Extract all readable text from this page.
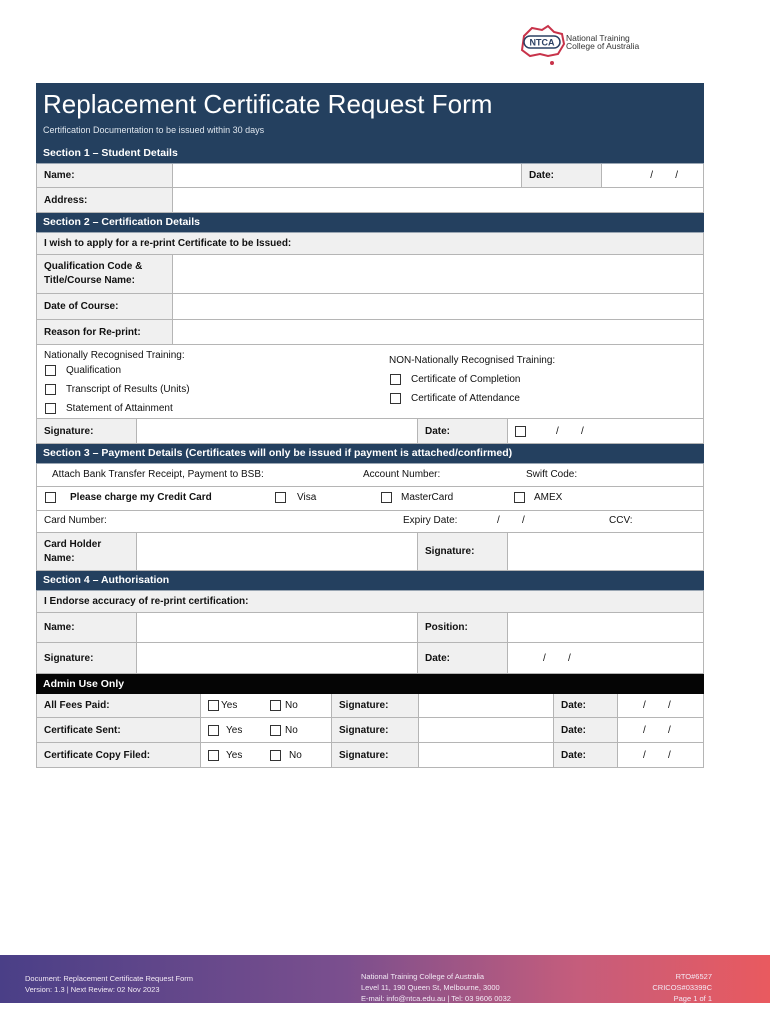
NTCA National Training
College of Australia
Replacement Certificate Request Form
Certification Documentation to be issued within 30 days
Section 1 – Student Details
Name:	Date:	/        /
Address:
Section 2 – Certification Details
I wish to apply for a re-print Certificate to be Issued:
Qualification Code &
Title/Course Name:
Date of Course:
Reason for Re-print:
Nationally Recognised Training:
Qualification
Transcript of Results (Units)
Statement of Attainment
NON-Nationally Recognised Training:
Certificate of Completion
Certificate of Attendance
Signature:	Date:	/        /
Section 3 – Payment Details (Certificates will only be issued if payment is attached/confirmed)
Attach Bank Transfer Receipt, Payment to BSB:	Account Number:	Swift Code:
Please charge my Credit Card	Visa	MasterCard	AMEX
Card Number:	Expiry Date:	/        /	CCV:
Card Holder
Name:
Signature:
Section 4 – Authorisation
I Endorse accuracy of re-print certification:
Name:	Position:
Signature:	Date:	/        /
Admin Use Only
All Fees Paid:	Yes	No	Signature:	Date:	/        /
Certificate Sent:	Yes	No	Signature:	Date:	/        /
Certificate Copy Filed:	Yes	No	Signature:	Date:	/        /
Document: Replacement Certificate Request Form
Version: 1.3 | Next Review: 02 Nov 2023
National Training College of Australia
Level 11, 190 Queen St, Melbourne, 3000
E-mail: info@ntca.edu.au | Tel: 03 9606 0032
RTO#6527
CRICOS#03399C
Page 1 of 1
